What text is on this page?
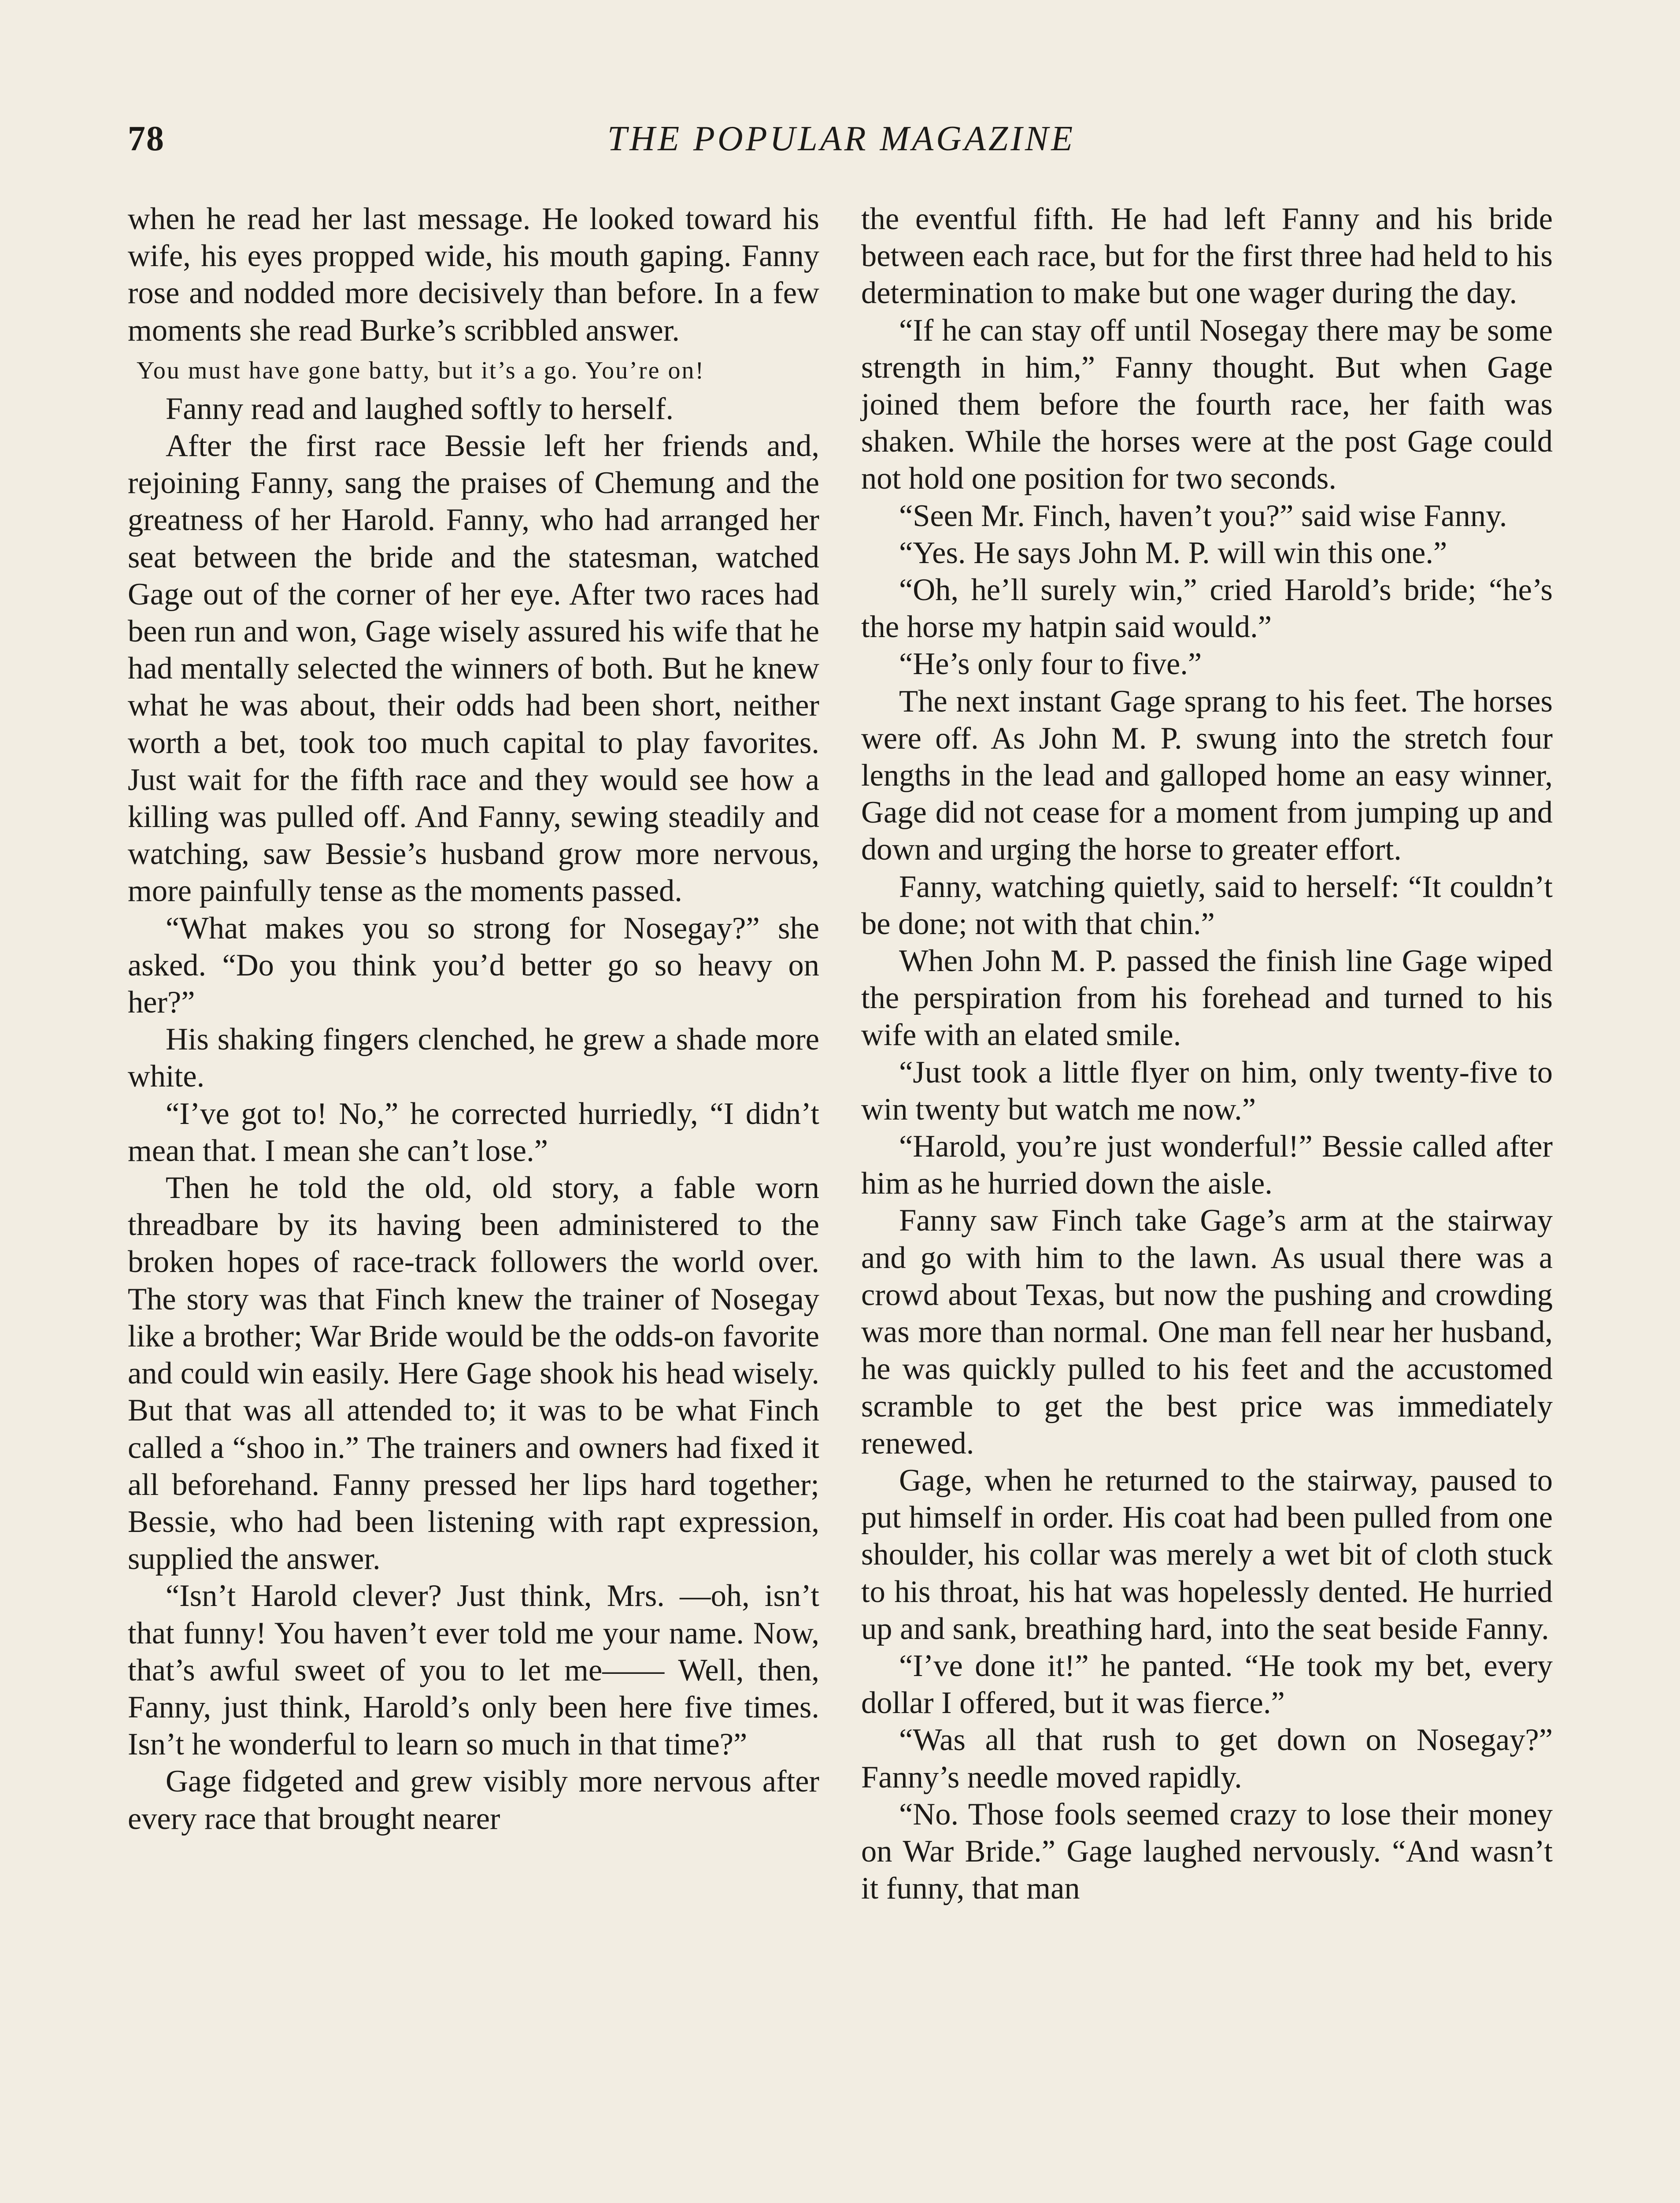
78	THE POPULAR MAGAZINE

when he read her last message. He looked toward his wife, his eyes propped wide, his mouth gaping. Fanny rose and nodded more decisively than before. In a few moments she read Burke’s scribbled answer.

You must have gone batty, but it’s a go. You’re on!

Fanny read and laughed softly to herself.

After the first race Bessie left her friends and, rejoining Fanny, sang the praises of Chemung and the greatness of her Harold. Fanny, who had arranged her seat between the bride and the statesman, watched Gage out of the corner of her eye. After two races had been run and won, Gage wisely assured his wife that he had mentally selected the winners of both. But he knew what he was about, their odds had been short, neither worth a bet, took too much capital to play favorites. Just wait for the fifth race and they would see how a killing was pulled off. And Fanny, sewing steadily and watching, saw Bessie’s husband grow more nervous, more painfully tense as the moments passed.

“What makes you so strong for Nosegay?” she asked. “Do you think you’d better go so heavy on her?”

His shaking fingers clenched, he grew a shade more white.

“I’ve got to! No,” he corrected hurriedly, “I didn’t mean that. I mean she can’t lose.”

Then he told the old, old story, a fable worn threadbare by its having been administered to the broken hopes of race-track followers the world over. The story was that Finch knew the trainer of Nosegay like a brother; War Bride would be the odds-on favorite and could win easily. Here Gage shook his head wisely. But that was all attended to; it was to be what Finch called a “shoo in.” The trainers and owners had fixed it all beforehand. Fanny pressed her lips hard together; Bessie, who had been listening with rapt expression, supplied the answer.

“Isn’t Harold clever? Just think, Mrs. —oh, isn’t that funny! You haven’t ever told me your name. Now, that’s awful sweet of you to let me—— Well, then, Fanny, just think, Harold’s only been here five times. Isn’t he wonderful to learn so much in that time?”

Gage fidgeted and grew visibly more nervous after every race that brought nearer

the eventful fifth. He had left Fanny and his bride between each race, but for the first three had held to his determination to make but one wager during the day.

“If he can stay off until Nosegay there may be some strength in him,” Fanny thought. But when Gage joined them before the fourth race, her faith was shaken. While the horses were at the post Gage could not hold one position for two seconds.

“Seen Mr. Finch, haven’t you?” said wise Fanny.

“Yes. He says John M. P. will win this one.”

“Oh, he’ll surely win,” cried Harold’s bride; “he’s the horse my hatpin said would.”

“He’s only four to five.”

The next instant Gage sprang to his feet. The horses were off. As John M. P. swung into the stretch four lengths in the lead and galloped home an easy winner, Gage did not cease for a moment from jumping up and down and urging the horse to greater effort.

Fanny, watching quietly, said to herself: “It couldn’t be done; not with that chin.”

When John M. P. passed the finish line Gage wiped the perspiration from his forehead and turned to his wife with an elated smile.

“Just took a little flyer on him, only twenty-five to win twenty but watch me now.”

“Harold, you’re just wonderful!” Bessie called after him as he hurried down the aisle.

Fanny saw Finch take Gage’s arm at the stairway and go with him to the lawn. As usual there was a crowd about Texas, but now the pushing and crowding was more than normal. One man fell near her husband, he was quickly pulled to his feet and the accustomed scramble to get the best price was immediately renewed.

Gage, when he returned to the stairway, paused to put himself in order. His coat had been pulled from one shoulder, his collar was merely a wet bit of cloth stuck to his throat, his hat was hopelessly dented. He hurried up and sank, breathing hard, into the seat beside Fanny.

“I’ve done it!” he panted. “He took my bet, every dollar I offered, but it was fierce.”

“Was all that rush to get down on Nosegay?” Fanny’s needle moved rapidly.

“No. Those fools seemed crazy to lose their money on War Bride.” Gage laughed nervously. “And wasn’t it funny, that man
